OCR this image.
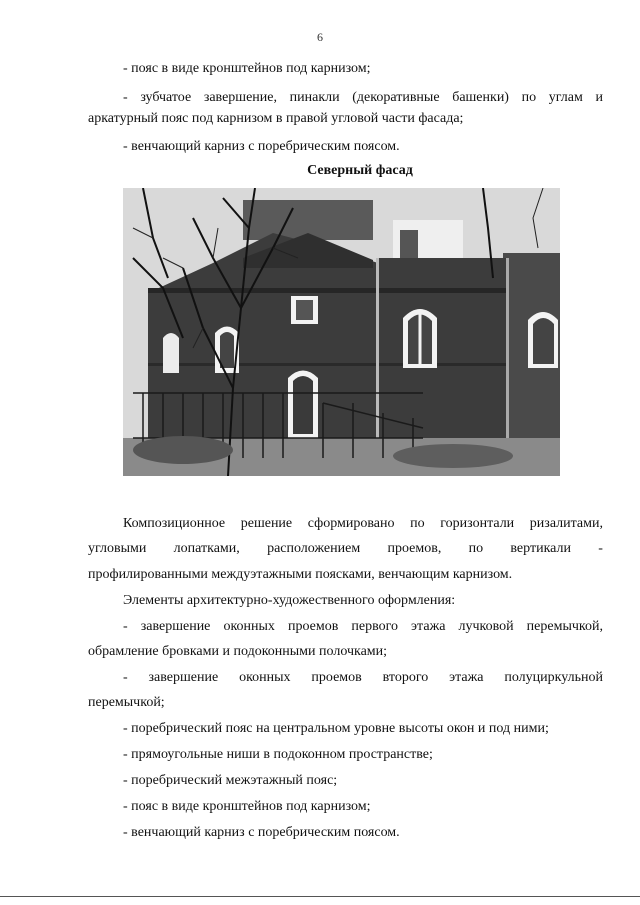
6
- пояс в виде кронштейнов под карнизом;
- зубчатое завершение, пинакли (декоративные башенки) по углам и
аркатурный пояс под карнизом в правой угловой части фасада;
- венчающий карниз с поребрическим поясом.
Северный фасад
Композиционное решение сформировано по горизонтали ризалитами,
угловыми лопатками, расположением проемов, по вертикали -
профилированными междуэтажными поясками, венчающим карнизом.
Элементы архитектурно-художественного оформления:
- завершение оконных проемов первого этажа лучковой перемычкой,
обрамление бровками и подоконными полочками;
- завершение оконных проемов второго этажа полуциркульной
перемычкой;
- поребрический пояс на центральном уровне высоты окон и под ними;
- прямоугольные ниши в подоконном пространстве;
- поребрический межэтажный пояс;
- пояс в виде кронштейнов под карнизом;
- венчающий карниз с поребрическим поясом.
